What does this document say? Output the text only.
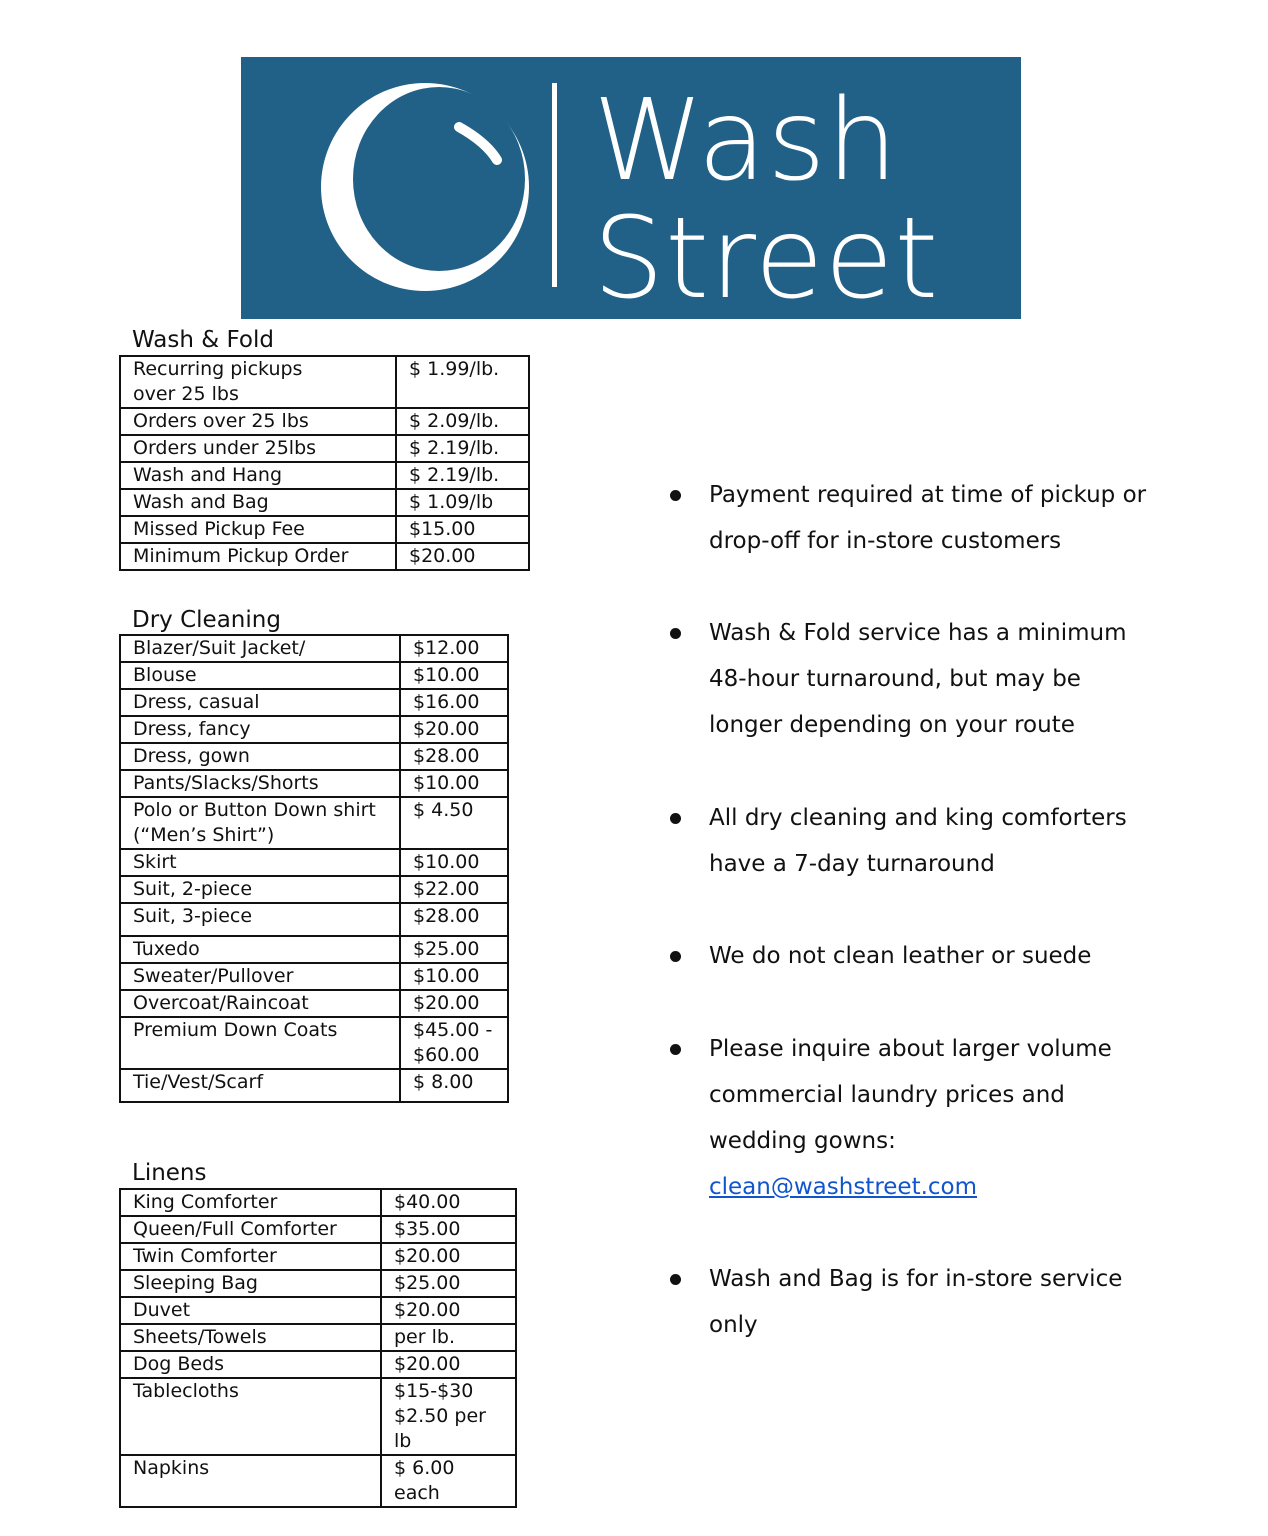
Wash
Street
Wash & Fold
Recurring pickups
over 25 lbs	$ 1.99/lb.
Orders over 25 lbs	$ 2.09/lb.
Orders under 25lbs	$ 2.19/lb.
Wash and Hang	$ 2.19/lb.
Wash and Bag	$ 1.09/lb
Missed Pickup Fee	$15.00
Minimum Pickup Order	$20.00
Dry Cleaning
Blazer/Suit Jacket/	$12.00
Blouse	$10.00
Dress, casual	$16.00
Dress, fancy	$20.00
Dress, gown	$28.00
Pants/Slacks/Shorts	$10.00
Polo or Button Down shirt
(“Men’s Shirt”)	$ 4.50
Skirt	$10.00
Suit, 2-piece	$22.00
Suit, 3-piece	$28.00
Tuxedo	$25.00
Sweater/Pullover	$10.00
Overcoat/Raincoat	$20.00
Premium Down Coats	$45.00 -
$60.00

Tie/Vest/Scarf	$ 8.00
Linens
King Comforter	$40.00
Queen/Full Comforter	$35.00
Twin Comforter	$20.00
Sleeping Bag	$25.00
Duvet	$20.00
Sheets/Towels	per lb.
Dog Beds	$20.00
Tablecloths	$15-$30
$2.50 per
lb
Napkins	$ 6.00 each
Payment required at time of pickup or drop-off for in-store customers
Wash & Fold service has a minimum 48-hour turnaround, but may be longer depending on your route
All dry cleaning and king comforters have a 7-day turnaround
We do not clean leather or suede
Please inquire about larger volume commercial laundry prices and wedding gowns:
clean@washstreet.com
Wash and Bag is for in-store service only
